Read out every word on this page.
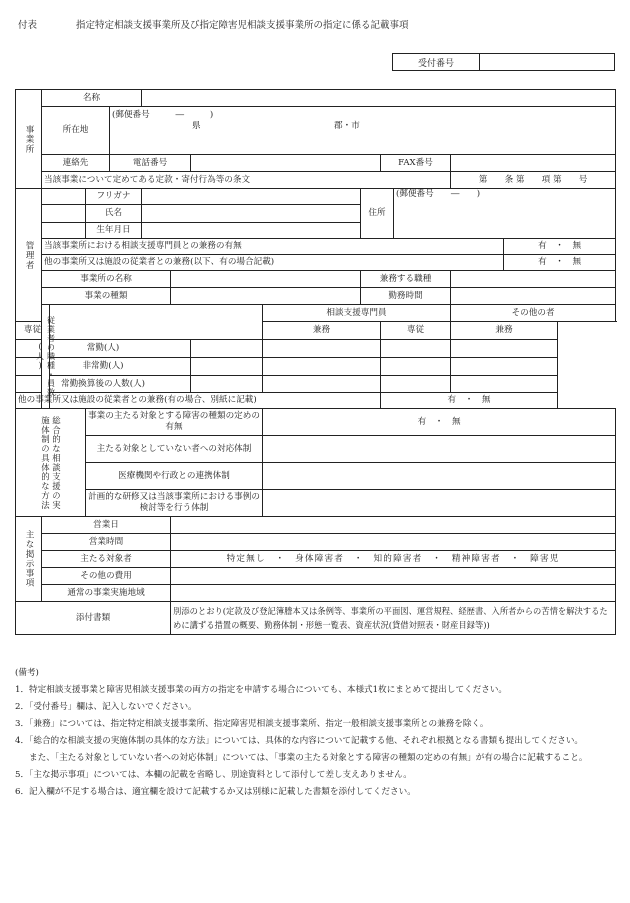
付表	指定特定相談支援事業所及び指定障害児相談支援事業所の指定に係る記載事項
受付番号	
事業所	名称												
	所在地			(郵便番号　　　―　　　)
県 郡・市									

	連絡先			電話番号						FAX番号			
	当該事業について定めてある定款・寄付行為等の条文											第　　条 第　　項 第　　号	
管理者			フリガナ						住所		(郵便番号　　―　　)		
			氏名										
			生年月日										
	当該事業所における相談支援専門員との兼務の有無												有　・　無
	他の事業所又は施設の従業者との兼務(以下、有の場合記載)												有　・　無
	事業所の名称								兼務する職種				
	事業の種類								勤務時間				
	従業者の職種・員数(人)							相談支援専門員				その他の者	
専従								兼務		専従		兼務	
常勤(人)													
非常勤(人)													
常勤換算後の人数(人)													
他の事業所又は施設の従業者との兼務(有の場合、別紙に記載)										有　・　無			
総合的な相談支援の実施体制の具体的な方法			事業の主たる対象とする障害の種類の定めの有無					有　・　無					
			主たる対象としていない者への対応体制										
			医療機関や行政との連携体制										
			計画的な研修又は当該事業所における事例の検討等を行う体制										
主な掲示事項	営業日												
	営業時間												
	主たる対象者					特定無し　・　身体障害者　・　知的障害者　・　精神障害者　・　障害児							
	その他の費用												
	通常の事業実施地域												
添付書類						別添のとおり(定款及び登記簿謄本又は条例等、事業所の平面図、運営規程、経歴書、入所者からの苦情を解決するために講ずる措置の概要、勤務体制・形態一覧表、資産状況(貸借対照表・財産目録等))							
(備考)
1．特定相談支援事業と障害児相談支援事業の両方の指定を申請する場合についても、本様式1枚にまとめて提出してください。
2．「受付番号」欄は、記入しないでください。
3．「兼務」については、指定特定相談支援事業所、指定障害児相談支援事業所、指定一般相談支援事業所との兼務を除く。
4．「総合的な相談支援の実施体制の具体的な方法」については、具体的な内容について記載する他、それぞれ根拠となる書類も提出してください。
また、「主たる対象としていない者への対応体制」については、「事業の主たる対象とする障害の種類の定めの有無」が有の場合に記載すること。
5．「主な掲示事項」については、本欄の記載を省略し、別途資料として添付して差し支えありません。
6．記入欄が不足する場合は、適宜欄を設けて記載するか又は別様に記載した書類を添付してください。
